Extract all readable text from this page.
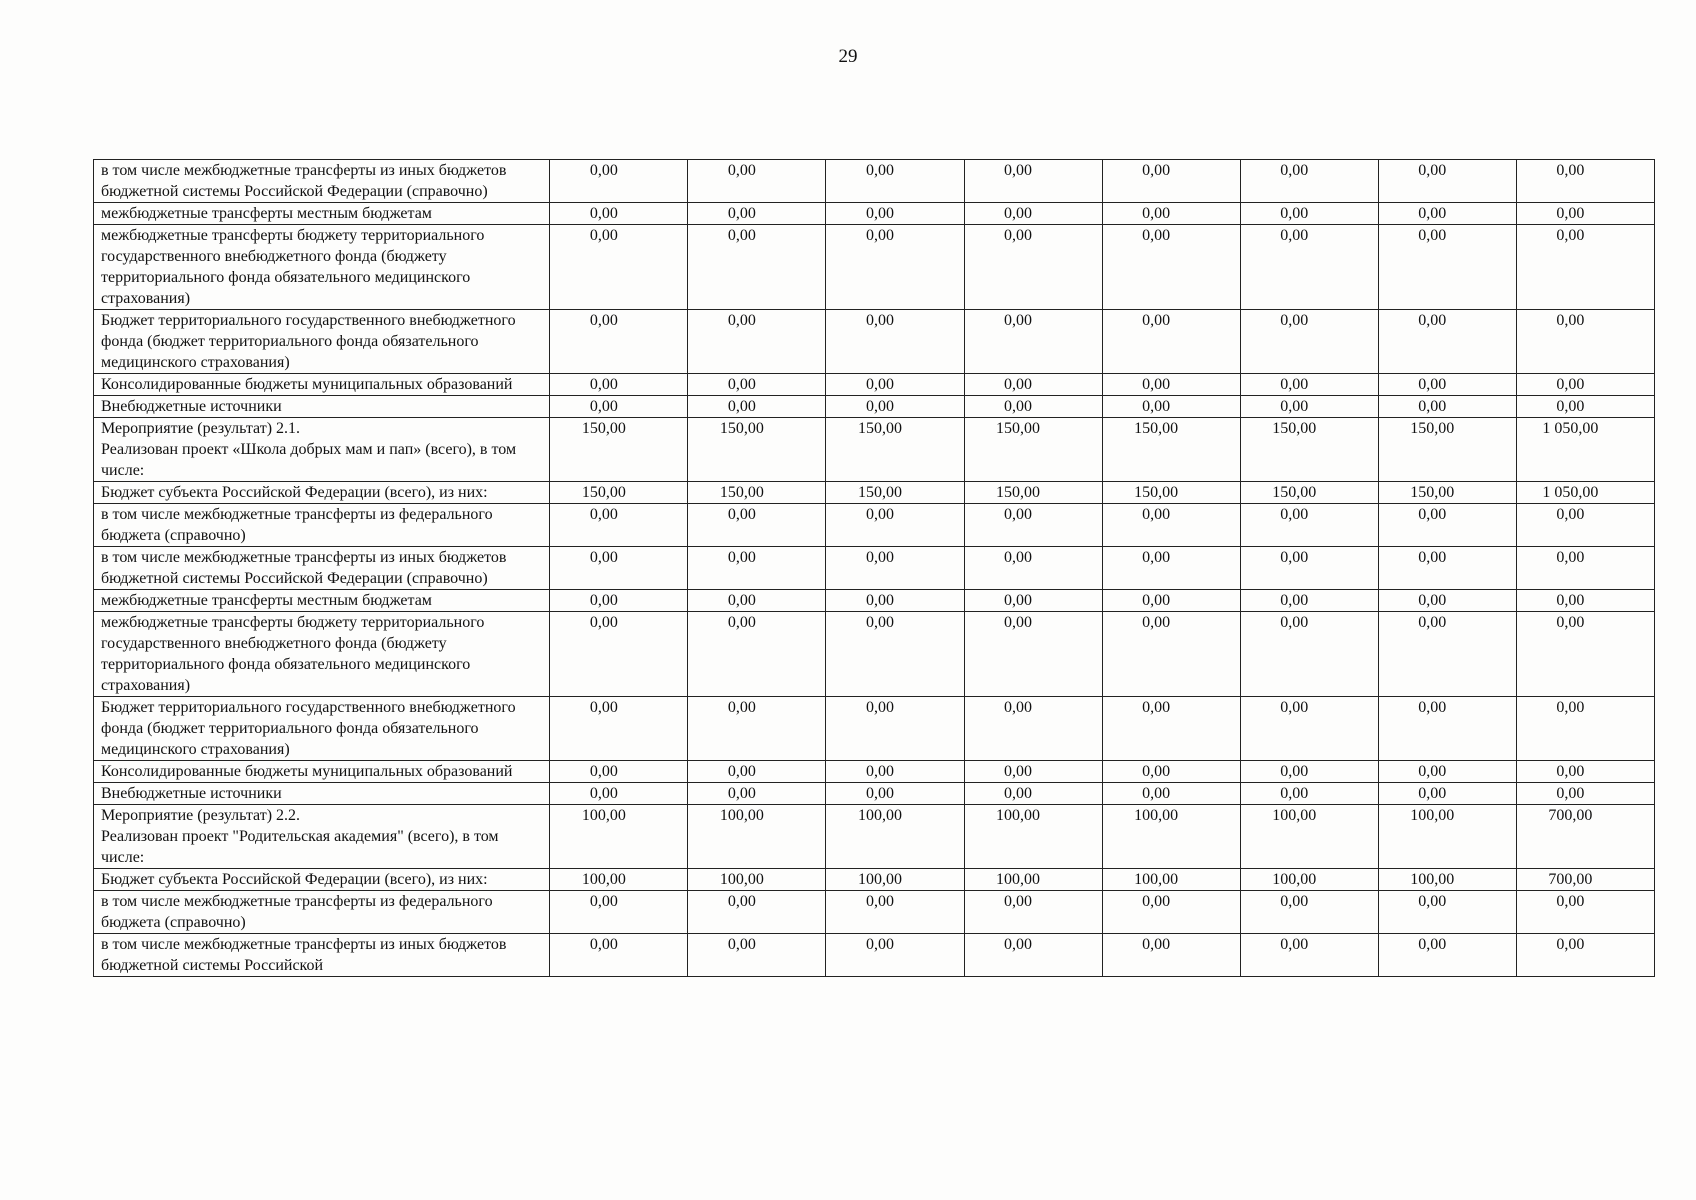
29
в том числе межбюджетные трансферты из иных бюджетов бюджетной системы Российской Федерации (справочно)	0,00	0,00	0,00	0,00	0,00	0,00	0,00	0,00
межбюджетные трансферты местным бюджетам	0,00	0,00	0,00	0,00	0,00	0,00	0,00	0,00
межбюджетные трансферты бюджету территориального государственного внебюджетного фонда (бюджету территориального фонда обязательного медицинского страхования)	0,00	0,00	0,00	0,00	0,00	0,00	0,00	0,00
Бюджет территориального государственного внебюджетного фонда (бюджет территориального фонда обязательного медицинского страхования)	0,00	0,00	0,00	0,00	0,00	0,00	0,00	0,00
Консолидированные бюджеты муниципальных образований	0,00	0,00	0,00	0,00	0,00	0,00	0,00	0,00
Внебюджетные источники	0,00	0,00	0,00	0,00	0,00	0,00	0,00	0,00
Мероприятие (результат) 2.1.
Реализован проект «Школа добрых мам и пап» (всего), в том числе:	150,00	150,00	150,00	150,00	150,00	150,00	150,00	1 050,00
Бюджет субъекта Российской Федерации (всего), из них:	150,00	150,00	150,00	150,00	150,00	150,00	150,00	1 050,00
в том числе межбюджетные трансферты из федерального бюджета (справочно)	0,00	0,00	0,00	0,00	0,00	0,00	0,00	0,00
в том числе межбюджетные трансферты из иных бюджетов бюджетной системы Российской Федерации (справочно)	0,00	0,00	0,00	0,00	0,00	0,00	0,00	0,00
межбюджетные трансферты местным бюджетам	0,00	0,00	0,00	0,00	0,00	0,00	0,00	0,00
межбюджетные трансферты бюджету территориального государственного внебюджетного фонда (бюджету территориального фонда обязательного медицинского страхования)	0,00	0,00	0,00	0,00	0,00	0,00	0,00	0,00
Бюджет территориального государственного внебюджетного фонда (бюджет территориального фонда обязательного медицинского страхования)	0,00	0,00	0,00	0,00	0,00	0,00	0,00	0,00
Консолидированные бюджеты муниципальных образований	0,00	0,00	0,00	0,00	0,00	0,00	0,00	0,00
Внебюджетные источники	0,00	0,00	0,00	0,00	0,00	0,00	0,00	0,00
Мероприятие (результат) 2.2.
Реализован проект "Родительская академия" (всего), в том числе:	100,00	100,00	100,00	100,00	100,00	100,00	100,00	700,00
Бюджет субъекта Российской Федерации (всего), из них:	100,00	100,00	100,00	100,00	100,00	100,00	100,00	700,00
в том числе межбюджетные трансферты из федерального бюджета (справочно)	0,00	0,00	0,00	0,00	0,00	0,00	0,00	0,00
в том числе межбюджетные трансферты из иных бюджетов бюджетной системы Российской	0,00	0,00	0,00	0,00	0,00	0,00	0,00	0,00
